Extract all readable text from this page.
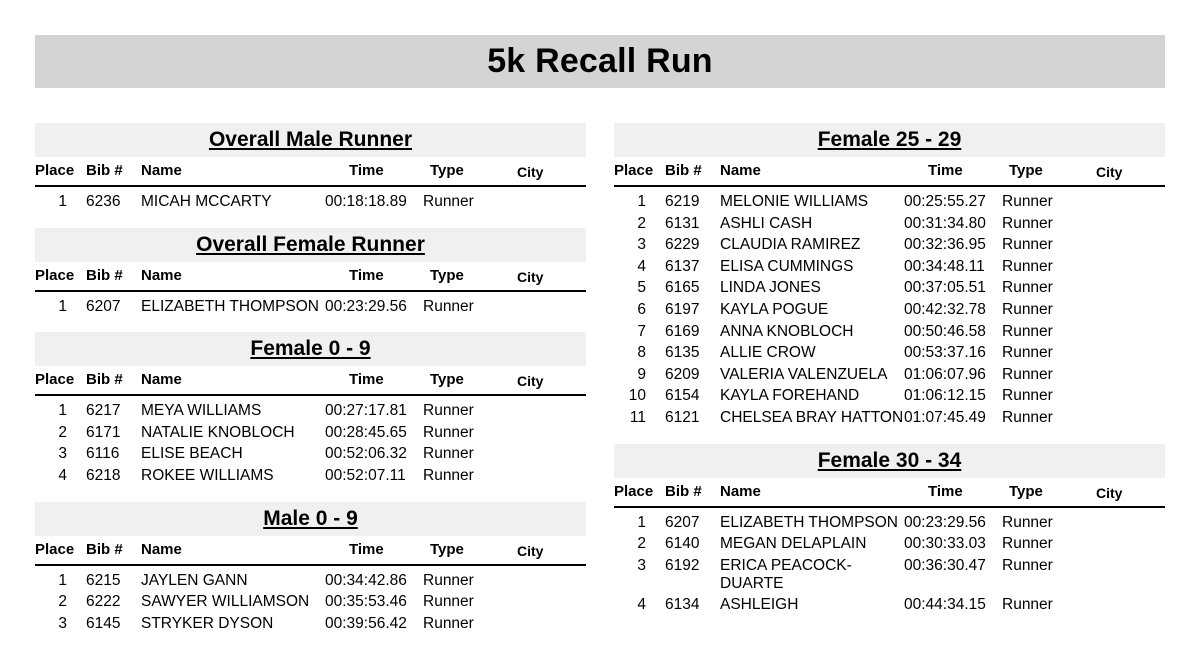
5k Recall Run
Overall Male Runner
Place Bib # Name	Time	Type	City
1 6236 MICAH MCCARTY	00:18:18.89 Runner
Overall Female Runner
Place Bib # Name	Time	Type	City
1 6207 ELIZABETH THOMPSON 00:23:29.56 Runner
Female 0 - 9
Place Bib # Name	Time	Type	City
1 6217 MEYA WILLIAMS	00:27:17.81 Runner
2 6171 NATALIE KNOBLOCH	00:28:45.65 Runner
3 6116 ELISE BEACH	00:52:06.32 Runner
4 6218 ROKEE WILLIAMS	00:52:07.11 Runner
Male 0 - 9
Place Bib # Name	Time	Type	City
1 6215 JAYLEN GANN	00:34:42.86 Runner
2 6222 SAWYER WILLIAMSON	00:35:53.46 Runner
3 6145 STRYKER DYSON	00:39:56.42 Runner
Female 25 - 29
Place Bib # Name	Time	Type	City
1 6219 MELONIE WILLIAMS	00:25:55.27 Runner
2 6131 ASHLI CASH	00:31:34.80 Runner
3 6229 CLAUDIA RAMIREZ	00:32:36.95 Runner
4 6137 ELISA CUMMINGS	00:34:48.11 Runner
5 6165 LINDA JONES	00:37:05.51 Runner
6 6197 KAYLA POGUE	00:42:32.78 Runner
7 6169 ANNA KNOBLOCH	00:50:46.58 Runner
8 6135 ALLIE CROW	00:53:37.16 Runner
9 6209 VALERIA VALENZUELA	01:06:07.96 Runner
10 6154 KAYLA FOREHAND	01:06:12.15 Runner
11 6121 CHELSEA BRAY HATTON 01:07:45.49 Runner
Female 30 - 34
Place Bib # Name	Time	Type	City
1 6207 ELIZABETH THOMPSON 00:23:29.56 Runner
2 6140 MEGAN DELAPLAIN	00:30:33.03 Runner
3 6192 ERICA PEACOCK-DUARTE
00:36:30.47 Runner
4 6134 ASHLEIGH	00:44:34.15 Runner
